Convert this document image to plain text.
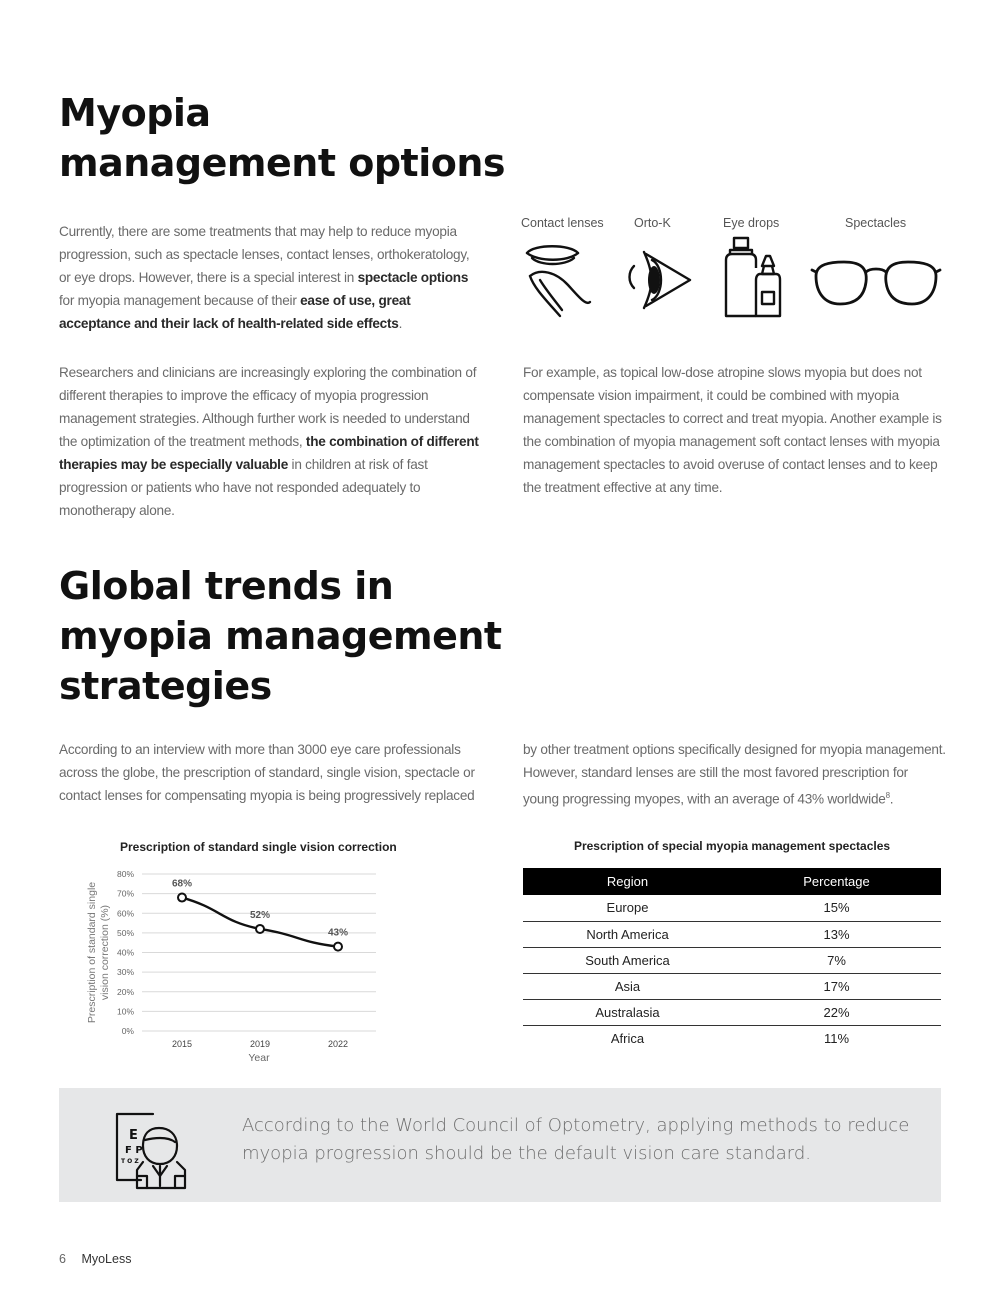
Myopia
management options
Currently, there are some treatments that may help to reduce myopia progression, such as spectacle lenses, contact lenses, orthokeratology, or eye drops. However, there is a special interest in spectacle options for myopia management because of their ease of use, great acceptance and their lack of health-related side effects.
Contact lenses Orto-K	Eye drops	Spectacles
Researchers and clinicians are increasingly exploring the combination of different therapies to improve the efficacy of myopia progression management strategies. Although further work is needed to understand the optimization of the treatment methods, the combination of different therapies may be especially valuable in children at risk of fast progression or patients who have not responded adequately to monotherapy alone.
For example, as topical low-dose atropine slows myopia but does not compensate vision impairment, it could be combined with myopia management spectacles to correct and treat myopia. Another example is the combination of myopia management soft contact lenses with myopia management spectacles to avoid overuse of contact lenses and to keep the treatment effective at any time.
Global trends in
myopia management
strategies
According to an interview with more than 3000 eye care professionals across the globe, the prescription of standard, single vision, spectacle or contact lenses for compensating myopia is being progressively replaced
by other treatment options specifically designed for myopia management. However, standard lenses are still the most favored prescription for young progressing myopes, with an average of 43% worldwide$^8$.
Prescription of standard single vision correction
0%
10%
20%
30%
40%
50%
60%
70%
80%
2015	2019	2022
Year
Prescription of standard single vision correction (%)
68%
52%
43%
Prescription of special myopia management spectacles
Region	Percentage
Europe	15%
North America	13%
South America	7%
Asia	17%
Australasia	22%
Africa	11%
E
F P
T O Z
According to the World Council of Optometry, applying methods to reduce myopia progression should be the default vision care standard.
6 MyoLess
